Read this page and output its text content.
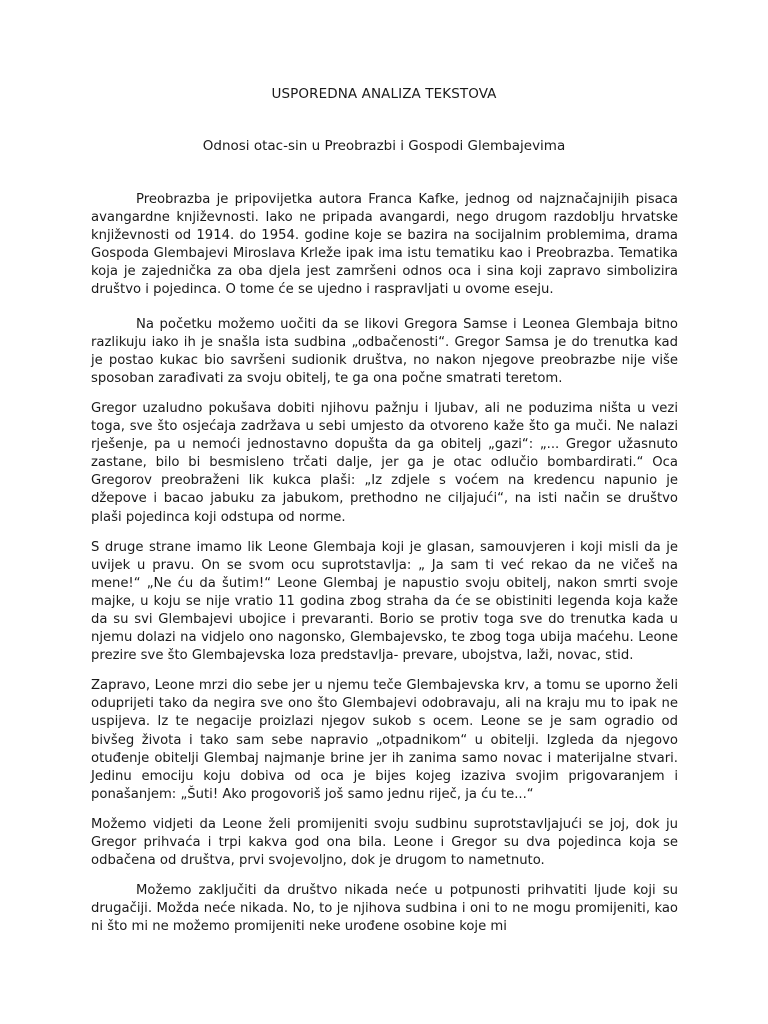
USPOREDNA ANALIZA TEKSTOVA
Odnosi otac-sin u Preobrazbi i Gospodi Glembajevima

Preobrazba je pripovijetka autora Franca Kafke, jednog od najznačajnijih pisaca avangardne književnosti. Iako ne pripada avangardi, nego drugom razdoblju hrvatske književnosti od 1914. do 1954. godine koje se bazira na socijalnim problemima, drama Gospoda Glembajevi Miroslava Krleže ipak ima istu tematiku kao i Preobrazba. Tematika koja je zajednička za oba djela jest zamršeni odnos oca i sina koji zapravo simbolizira društvo i pojedinca. O tome će se ujedno i raspravljati u ovome eseju.

Na početku možemo uočiti da se likovi Gregora Samse i Leonea Glembaja bitno razlikuju iako ih je snašla ista sudbina „odbačenosti“. Gregor Samsa je do trenutka kad je postao kukac bio savršeni sudionik društva, no nakon njegove preobrazbe nije više sposoban zarađivati za svoju obitelj, te ga ona počne smatrati teretom.

Gregor uzaludno pokušava dobiti njihovu pažnju i ljubav, ali ne poduzima ništa u vezi toga, sve što osjećaja zadržava u sebi umjesto da otvoreno kaže što ga muči. Ne nalazi rješenje, pa u nemoći jednostavno dopušta da ga obitelj „gazi“: „... Gregor užasnuto zastane, bilo bi besmisleno trčati dalje, jer ga je otac odlučio bombardirati.“ Oca Gregorov preobraženi lik kukca plaši: „Iz zdjele s voćem na kredencu napunio je džepove i bacao jabuku za jabukom, prethodno ne ciljajući“, na isti način se društvo plaši pojedinca koji odstupa od norme.

S druge strane imamo lik Leone Glembaja koji je glasan, samouvjeren i koji misli da je uvijek u pravu. On se svom ocu suprotstavlja: „ Ja sam ti već rekao da ne vičeš na mene!“ „Ne ću da šutim!“ Leone Glembaj je napustio svoju obitelj, nakon smrti svoje majke, u koju se nije vratio 11 godina zbog straha da će se obistiniti legenda koja kaže da su svi Glembajevi ubojice i prevaranti. Borio se protiv toga sve do trenutka kada u njemu dolazi na vidjelo ono nagonsko, Glembajevsko, te zbog toga ubija maćehu. Leone prezire sve što Glembajevska loza predstavlja- prevare, ubojstva, laži, novac, stid.

Zapravo, Leone mrzi dio sebe jer u njemu teče Glembajevska krv, a tomu se uporno želi oduprijeti tako da negira sve ono što Glembajevi odobravaju, ali na kraju mu to ipak ne uspijeva. Iz te negacije proizlazi njegov sukob s ocem. Leone se je sam ogradio od bivšeg života i tako sam sebe napravio „otpadnikom“ u obitelji. Izgleda da njegovo otuđenje obitelji Glembaj najmanje brine jer ih zanima samo novac i materijalne stvari. Jedinu emociju koju dobiva od oca je bijes kojeg izaziva svojim prigovaranjem i ponašanjem: „Šuti! Ako progovoriš još samo jednu riječ, ja ću te...“

Možemo vidjeti da Leone želi promijeniti svoju sudbinu suprotstavljajući se joj, dok ju Gregor prihvaća i trpi kakva god ona bila. Leone i Gregor su dva pojedinca koja se odbačena od društva, prvi svojevoljno, dok je drugom to nametnuto.

Možemo zaključiti da društvo nikada neće u potpunosti prihvatiti ljude koji su drugačiji. Možda neće nikada. No, to je njihova sudbina i oni to ne mogu promijeniti, kao ni što mi ne možemo promijeniti neke urođene osobine koje mi
